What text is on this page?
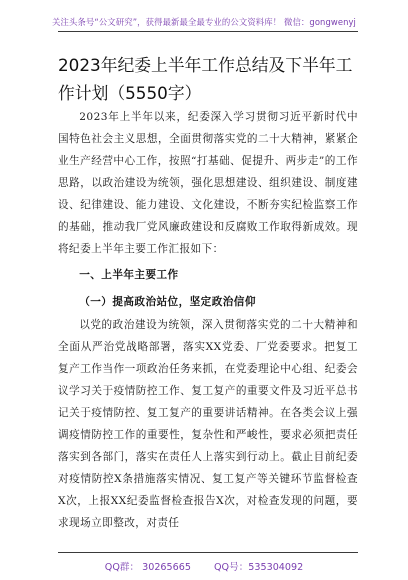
关注头条号“公文研究”，获得最新最全最专业的公文资料库！ 微信：gongwenyj
2023年纪委上半年工作总结及下半年工作计划（5550字）

2023年上半年以来，纪委深入学习贯彻习近平新时代中国特色社会主义思想，全面贯彻落实党的二十大精神，紧紧企业生产经营中心工作，按照“打基础、促提升、两步走”的工作思路，以政治建设为统领，强化思想建设、组织建设、制度建设、纪律建设、能力建设、文化建设，不断夯实纪检监察工作的基础，推动我厂党风廉政建设和反腐败工作取得新成效。现将纪委上半年主要工作汇报如下：

一、上半年主要工作

（一）提高政治站位，坚定政治信仰

以党的政治建设为统领，深入贯彻落实党的二十大精神和全面从严治党战略部署，落实XX党委、厂党委要求。把复工复产工作当作一项政治任务来抓，在党委理论中心组、纪委会议学习关于疫情防控工作、复工复产的重要文件及习近平总书记关于疫情防控、复工复产的重要讲话精神。在各类会议上强调疫情防控工作的重要性，复杂性和严峻性，要求必须把责任落实到各部门，落实在责任人上落实到行动上。截止目前纪委对疫情防控X条措施落实情况、复工复产等关键环节监督检查X次，上报XX纪委监督检查报告X次，对检查发现的问题，要求现场立即整改，对责任

QQ群： 30265665 QQ号：535304092
